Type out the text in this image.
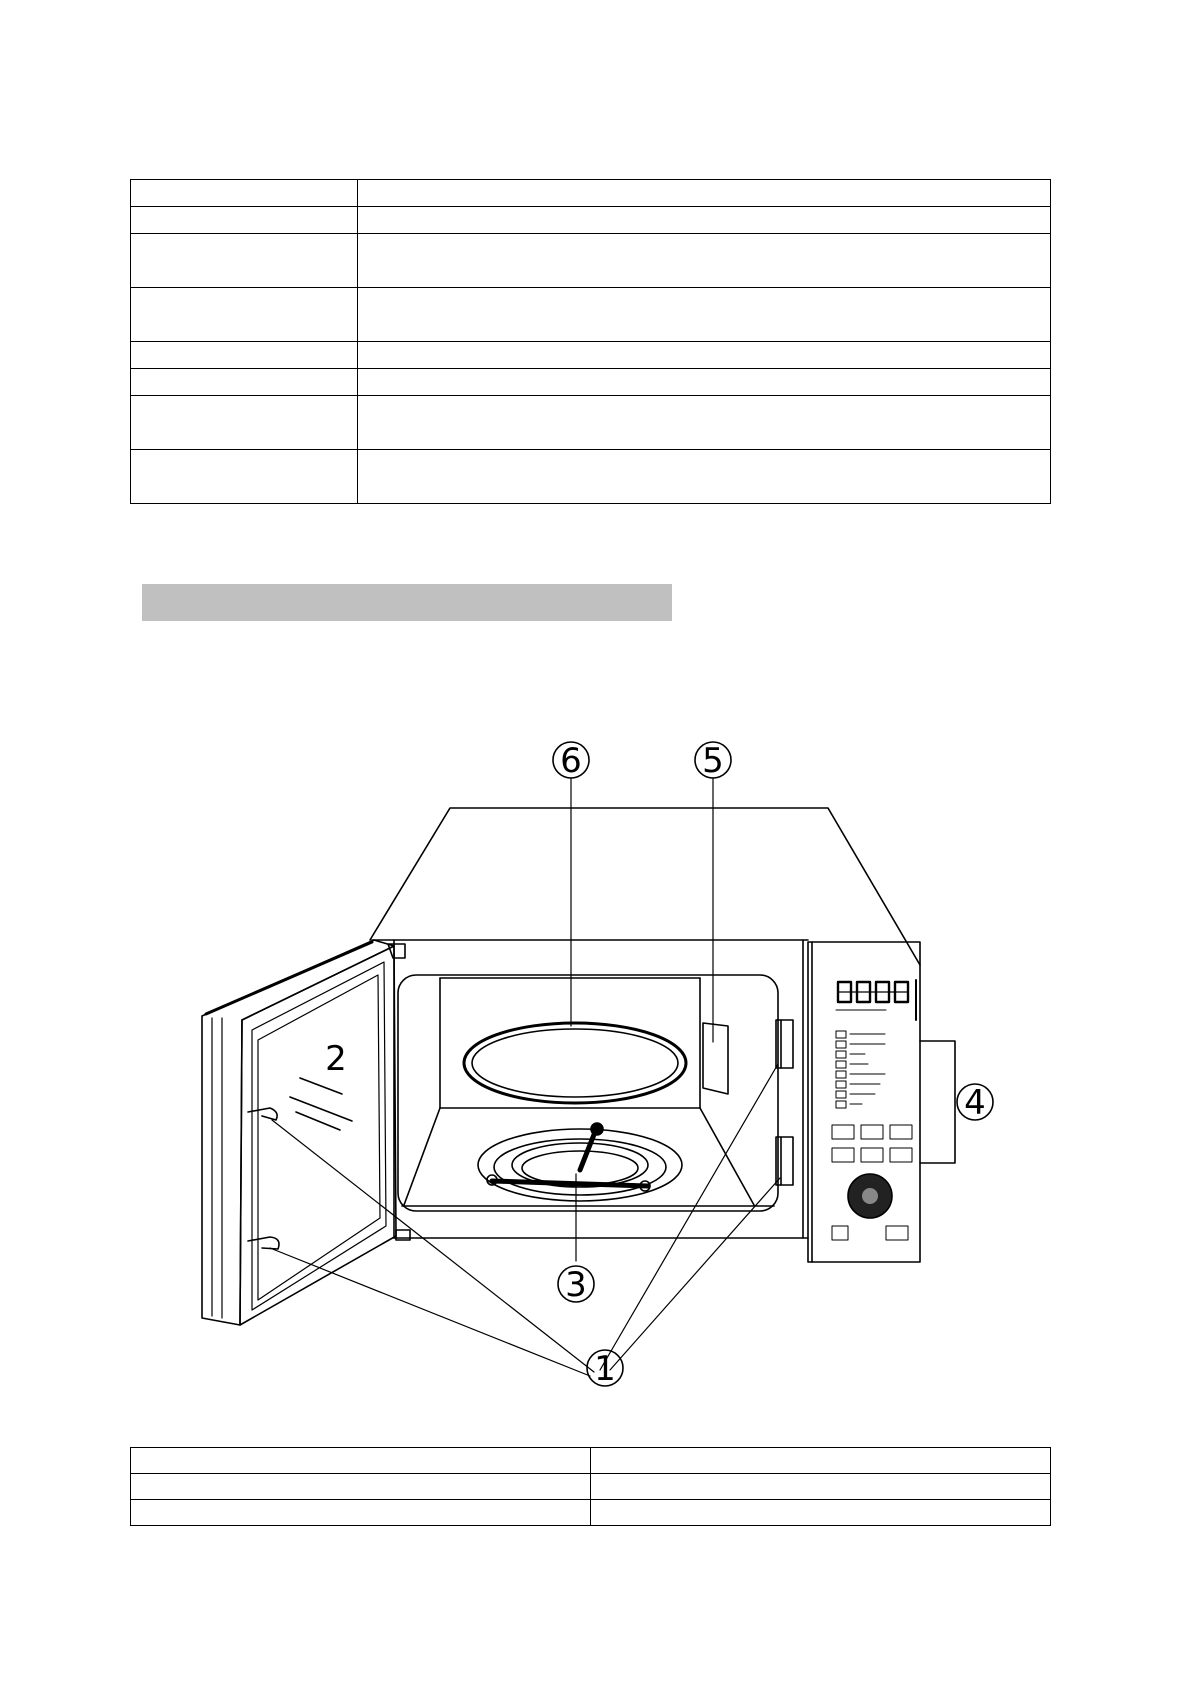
6	5
4
3
2
1
